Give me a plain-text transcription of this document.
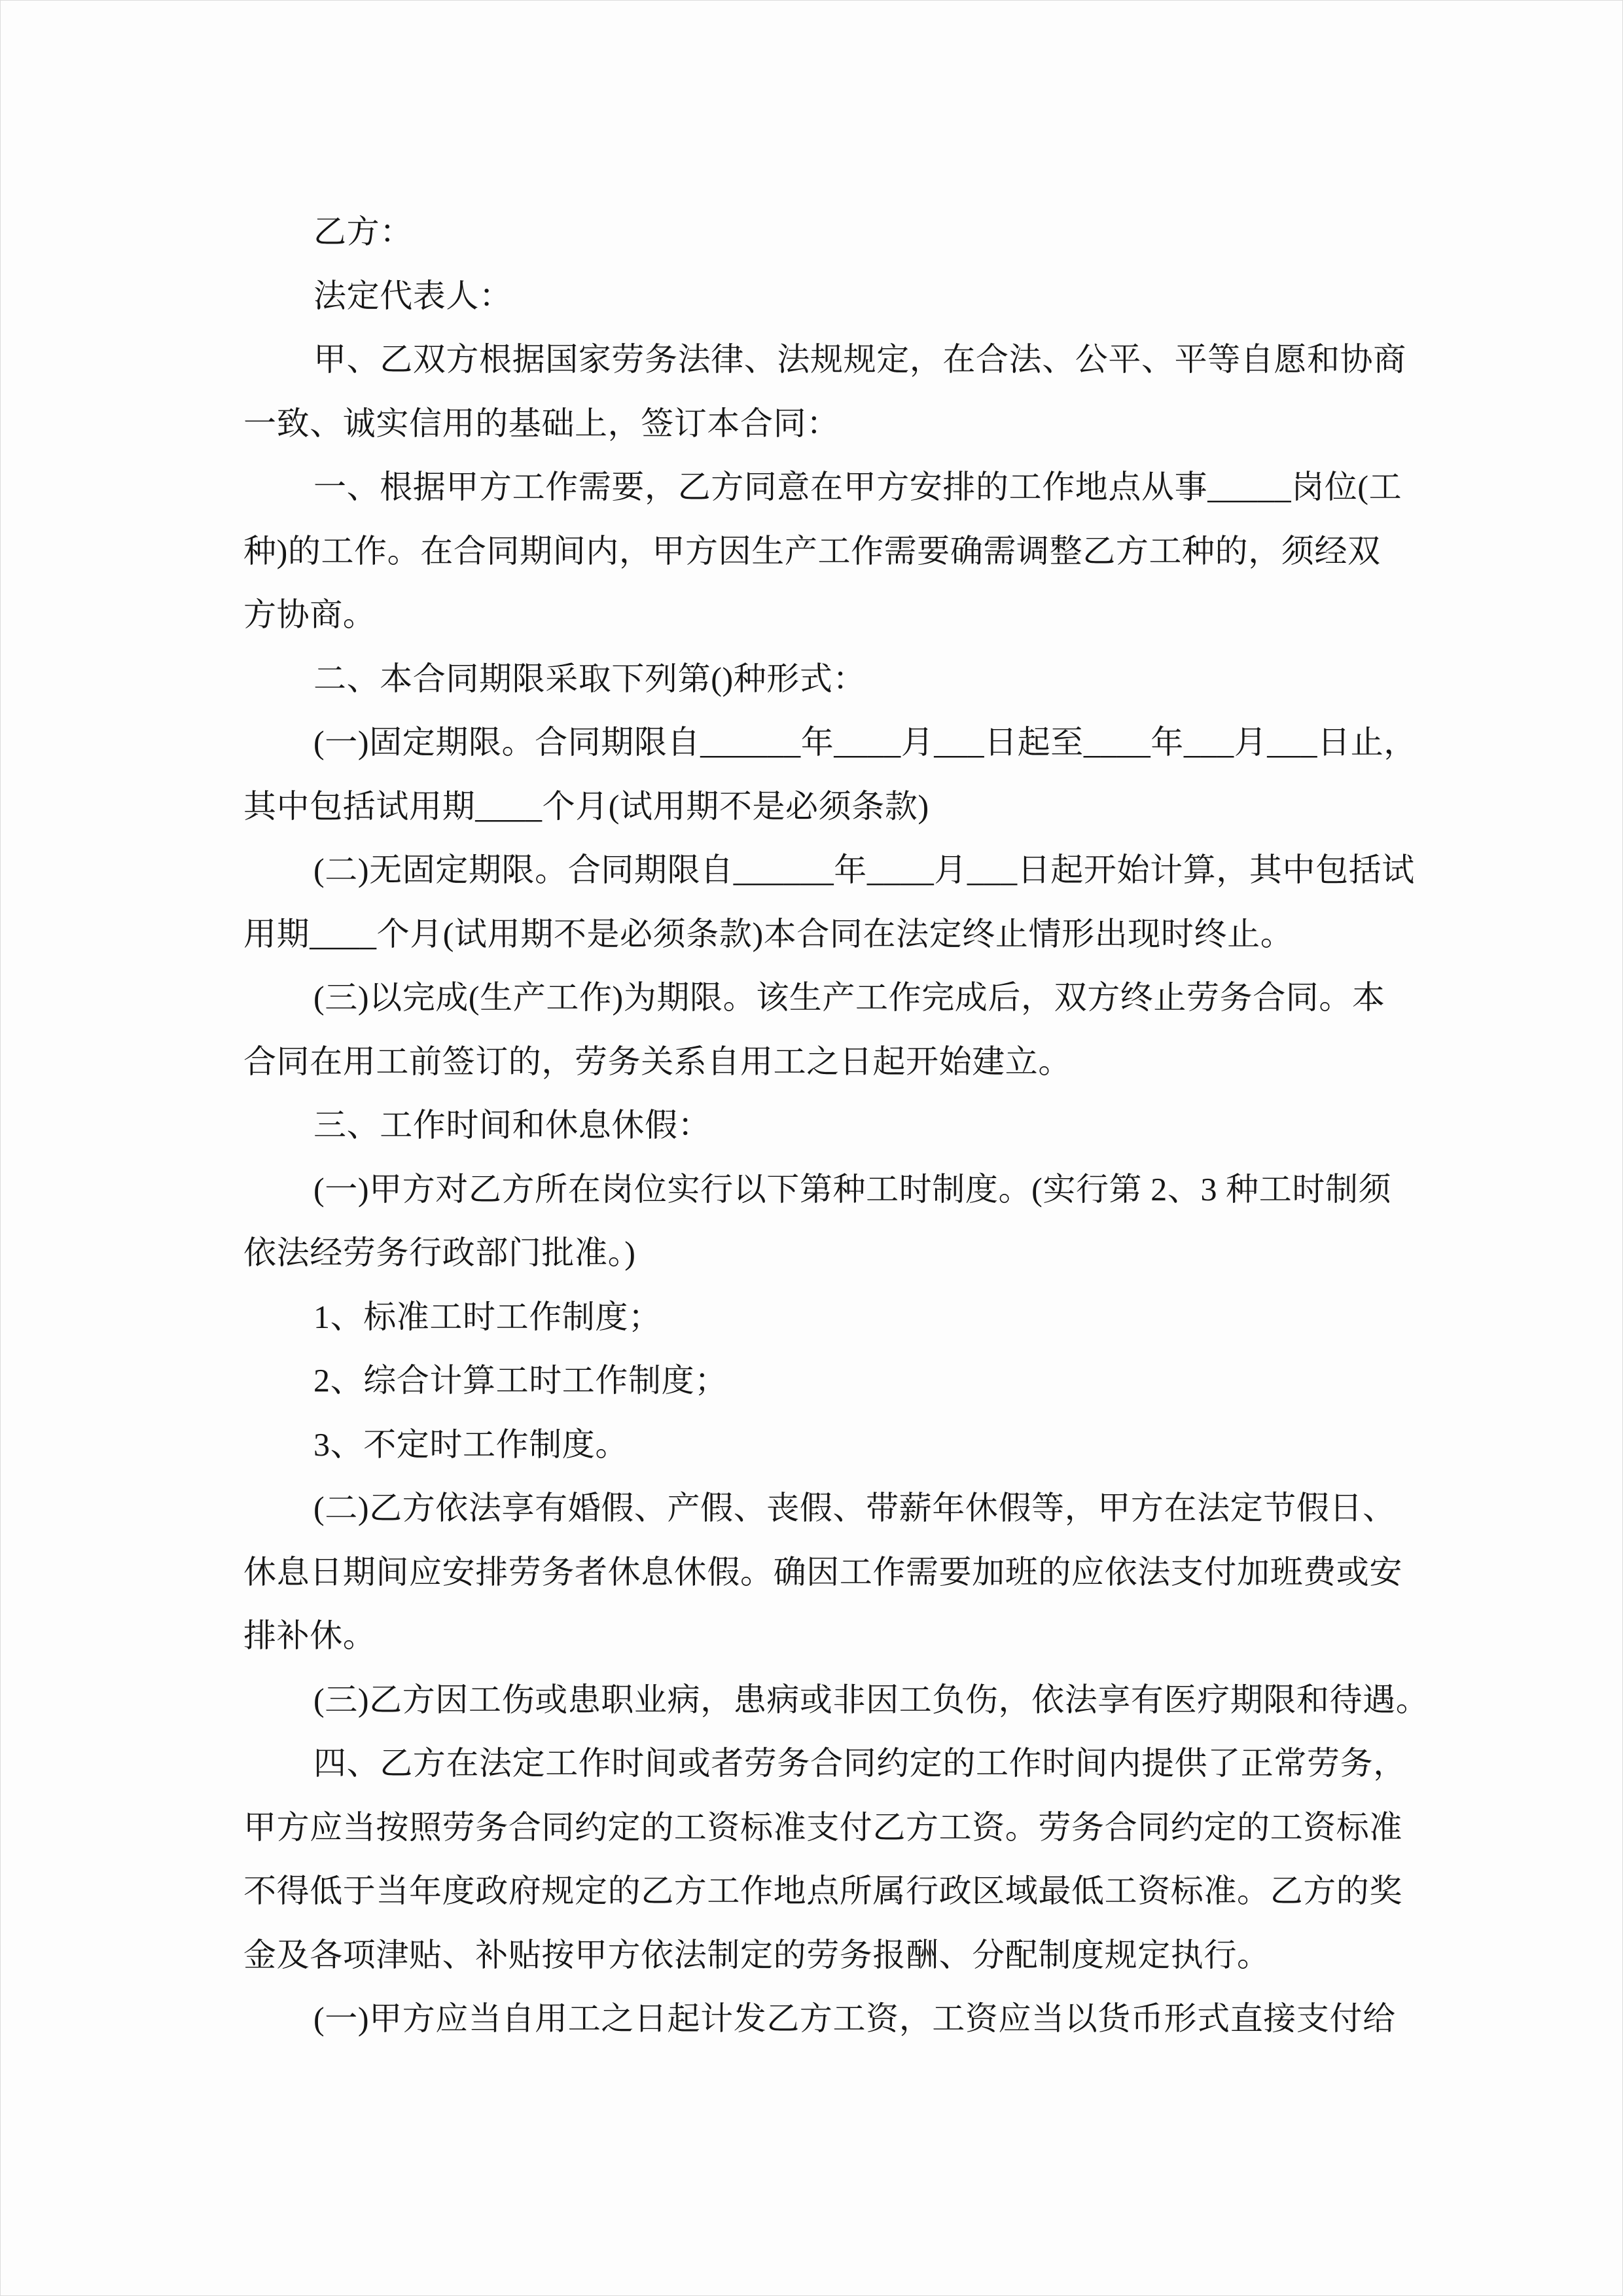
乙方：
法定代表人：
甲、乙双方根据国家劳务法律、法规规定，在合法、公平、平等自愿和协商
一致、诚实信用的基础上，签订本合同：
一、根据甲方工作需要，乙方同意在甲方安排的工作地点从事_____岗位(工
种)的工作。在合同期间内，甲方因生产工作需要确需调整乙方工种的，须经双
方协商。
二、本合同期限采取下列第()种形式：
(一)固定期限。合同期限自______年____月___日起至____年___月___日止，
其中包括试用期____个月(试用期不是必须条款)
(二)无固定期限。合同期限自______年____月___日起开始计算，其中包括试
用期____个月(试用期不是必须条款)本合同在法定终止情形出现时终止。
(三)以完成(生产工作)为期限。该生产工作完成后，双方终止劳务合同。本
合同在用工前签订的，劳务关系自用工之日起开始建立。
三、工作时间和休息休假：
(一)甲方对乙方所在岗位实行以下第种工时制度。(实行第 2、3 种工时制须
依法经劳务行政部门批准。)
1、标准工时工作制度；
2、综合计算工时工作制度；
3、不定时工作制度。
(二)乙方依法享有婚假、产假、丧假、带薪年休假等，甲方在法定节假日、
休息日期间应安排劳务者休息休假。确因工作需要加班的应依法支付加班费或安
排补休。
(三)乙方因工伤或患职业病，患病或非因工负伤，依法享有医疗期限和待遇。
四、乙方在法定工作时间或者劳务合同约定的工作时间内提供了正常劳务，
甲方应当按照劳务合同约定的工资标准支付乙方工资。劳务合同约定的工资标准
不得低于当年度政府规定的乙方工作地点所属行政区域最低工资标准。乙方的奖
金及各项津贴、补贴按甲方依法制定的劳务报酬、分配制度规定执行。
(一)甲方应当自用工之日起计发乙方工资，工资应当以货币形式直接支付给
